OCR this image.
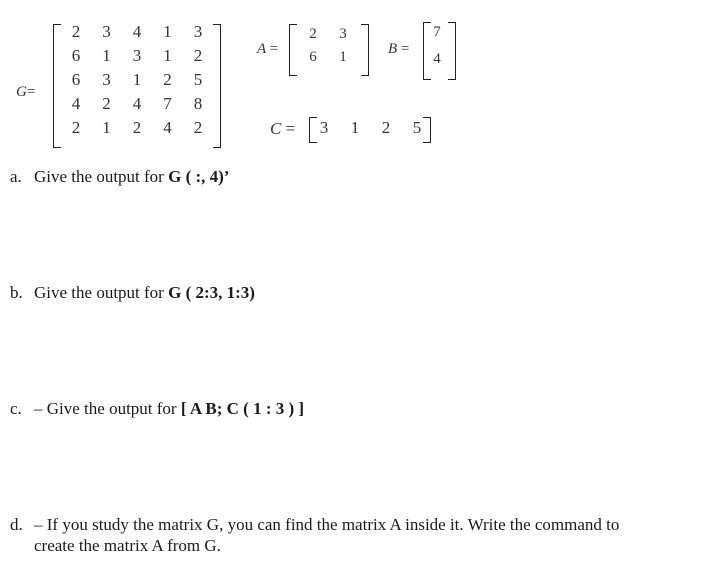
G=
2 3 4 1 3
6 1 3 1 2
6 3 1 2 5
4 2 4 7 8
2 1 2 4 2
A =
2	3
6	1	B =
7
4
C = 3 1 2 5
a. Give the output for G ( :, 4)’
b. Give the output for G ( 2:3, 1:3)
c. – Give the output for [ A B; C ( 1 : 3 ) ]
d. – If you study the matrix G, you can find the matrix A inside it. Write the command to
create the matrix A from G.
